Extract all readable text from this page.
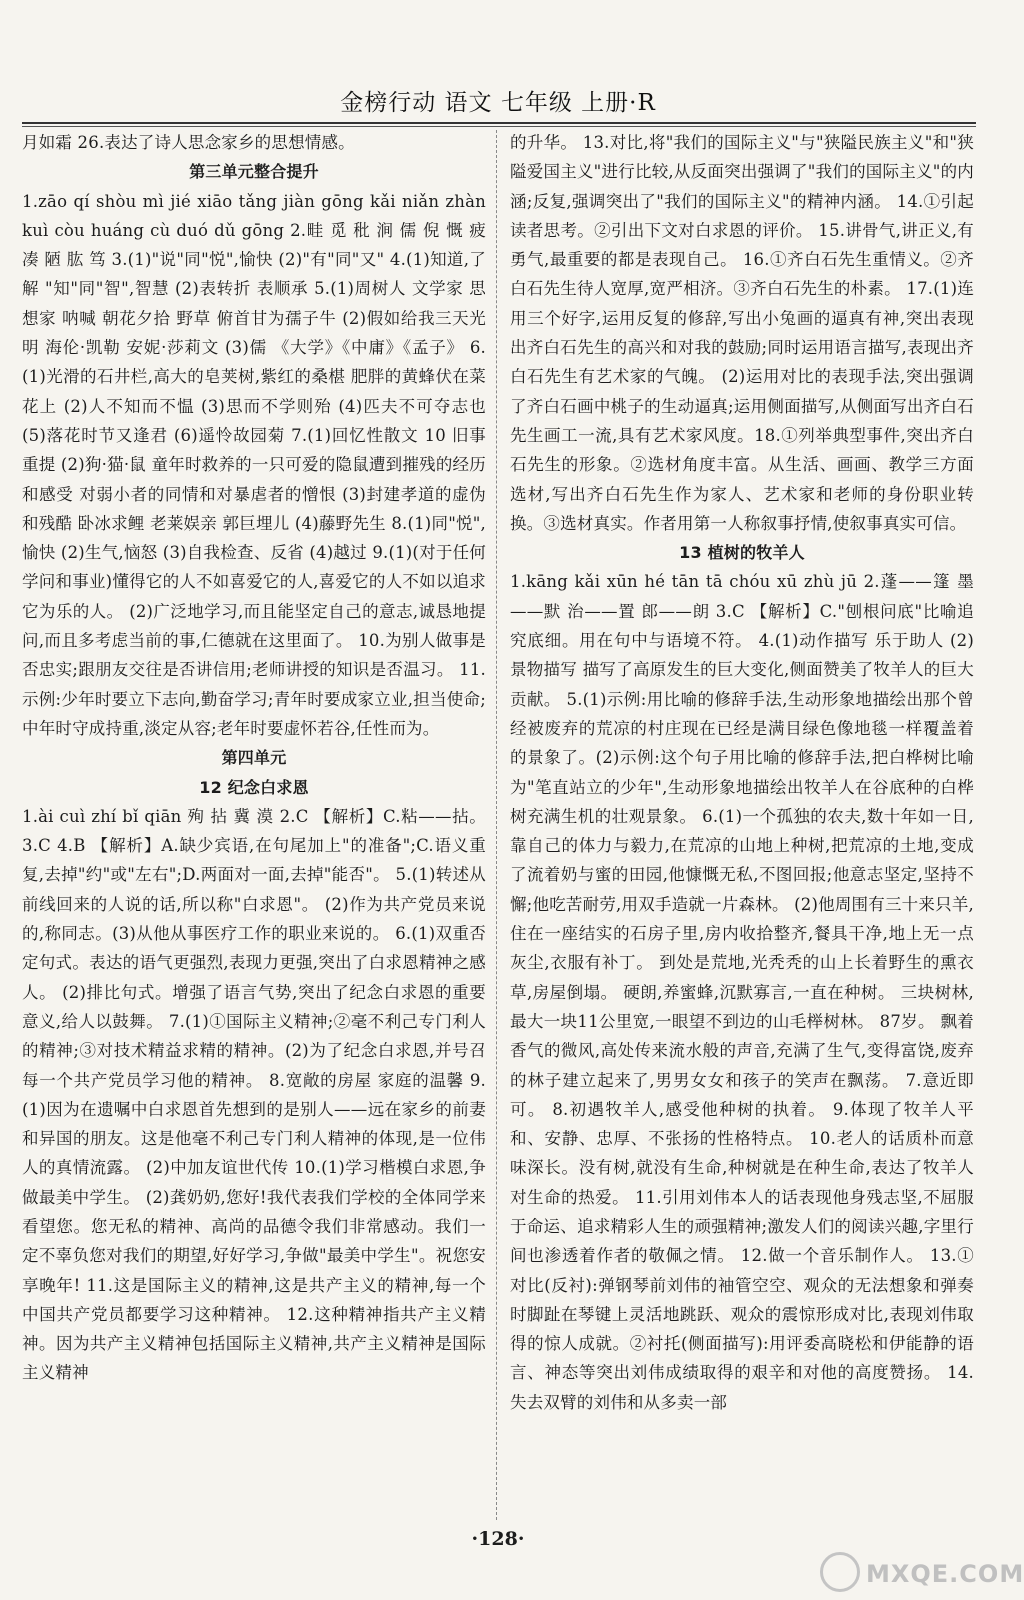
金榜行动 语文 七年级 上册·R
月如霜 26.表达了诗人思念家乡的思想情感。
第三单元整合提升
1.zāo qí shòu mì jié xiāo tǎng jiàn gōng kǎi niǎn zhàn kuì còu huáng cù duó dǔ gōng 2.畦 觅 秕 涧 儒 倪 慨 疲 凑 陋 肱 笃 3.(1)"说"同"悦",愉快 (2)"有"同"又" 4.(1)知道,了解 "知"同"智",智慧 (2)表转折 表顺承 5.(1)周树人 文学家 思想家 呐喊 朝花夕拾 野草 俯首甘为孺子牛 (2)假如给我三天光明 海伦·凯勒 安妮·莎莉文 (3)儒 《大学》《中庸》《孟子》 6.(1)光滑的石井栏,高大的皂荚树,紫红的桑椹 肥胖的黄蜂伏在菜花上 (2)人不知而不愠 (3)思而不学则殆 (4)匹夫不可夺志也 (5)落花时节又逢君 (6)遥怜故园菊 7.(1)回忆性散文 10 旧事重提 (2)狗·猫·鼠 童年时救养的一只可爱的隐鼠遭到摧残的经历和感受 对弱小者的同情和对暴虐者的憎恨 (3)封建孝道的虚伪和残酷 卧冰求鲤 老莱娱亲 郭巨埋儿 (4)藤野先生 8.(1)同"悦",愉快 (2)生气,恼怒 (3)自我检查、反省 (4)越过 9.(1)(对于任何学问和事业)懂得它的人不如喜爱它的人,喜爱它的人不如以追求它为乐的人。 (2)广泛地学习,而且能坚定自己的意志,诚恳地提问,而且多考虑当前的事,仁德就在这里面了。 10.为别人做事是否忠实;跟朋友交往是否讲信用;老师讲授的知识是否温习。 11.示例:少年时要立下志向,勤奋学习;青年时要成家立业,担当使命;中年时守成持重,淡定从容;老年时要虚怀若谷,任性而为。
第四单元
12 纪念白求恩
1.ài cuì zhí bǐ qiān 殉 拈 冀 漠 2.C 【解析】C.粘——拈。 3.C 4.B 【解析】A.缺少宾语,在句尾加上"的准备";C.语义重复,去掉"约"或"左右";D.两面对一面,去掉"能否"。 5.(1)转述从前线回来的人说的话,所以称"白求恩"。 (2)作为共产党员来说的,称同志。(3)从他从事医疗工作的职业来说的。 6.(1)双重否定句式。表达的语气更强烈,表现力更强,突出了白求恩精神之感人。 (2)排比句式。增强了语言气势,突出了纪念白求恩的重要意义,给人以鼓舞。 7.(1)①国际主义精神;②毫不利己专门利人的精神;③对技术精益求精的精神。(2)为了纪念白求恩,并号召每一个共产党员学习他的精神。 8.宽敞的房屋 家庭的温馨 9.(1)因为在遗嘱中白求恩首先想到的是别人——远在家乡的前妻和异国的朋友。这是他毫不利己专门利人精神的体现,是一位伟人的真情流露。 (2)中加友谊世代传 10.(1)学习楷模白求恩,争做最美中学生。 (2)龚奶奶,您好!我代表我们学校的全体同学来看望您。您无私的精神、高尚的品德令我们非常感动。我们一定不辜负您对我们的期望,好好学习,争做"最美中学生"。祝您安享晚年! 11.这是国际主义的精神,这是共产主义的精神,每一个中国共产党员都要学习这种精神。 12.这种精神指共产主义精神。因为共产主义精神包括国际主义精神,共产主义精神是国际主义精神
的升华。 13.对比,将"我们的国际主义"与"狭隘民族主义"和"狭隘爱国主义"进行比较,从反面突出强调了"我们的国际主义"的内涵;反复,强调突出了"我们的国际主义"的精神内涵。 14.①引起读者思考。②引出下文对白求恩的评价。 15.讲骨气,讲正义,有勇气,最重要的都是表现自己。 16.①齐白石先生重情义。②齐白石先生待人宽厚,宽严相济。③齐白石先生的朴素。 17.(1)连用三个好字,运用反复的修辞,写出小兔画的逼真有神,突出表现出齐白石先生的高兴和对我的鼓励;同时运用语言描写,表现出齐白石先生有艺术家的气魄。 (2)运用对比的表现手法,突出强调了齐白石画中桃子的生动逼真;运用侧面描写,从侧面写出齐白石先生画工一流,具有艺术家风度。18.①列举典型事件,突出齐白石先生的形象。②选材角度丰富。从生活、画画、教学三方面选材,写出齐白石先生作为家人、艺术家和老师的身份职业转换。③选材真实。作者用第一人称叙事抒情,使叙事真实可信。
13 植树的牧羊人
1.kāng kǎi xūn hé tān tā chóu xū zhù jū 2.蓬——篷 墨——默 治——置 郎——朗 3.C 【解析】C."刨根问底"比喻追究底细。用在句中与语境不符。 4.(1)动作描写 乐于助人 (2)景物描写 描写了高原发生的巨大变化,侧面赞美了牧羊人的巨大贡献。 5.(1)示例:用比喻的修辞手法,生动形象地描绘出那个曾经被废弃的荒凉的村庄现在已经是满目绿色像地毯一样覆盖着的景象了。(2)示例:这个句子用比喻的修辞手法,把白桦树比喻为"笔直站立的少年",生动形象地描绘出牧羊人在谷底种的白桦树充满生机的壮观景象。 6.(1)一个孤独的农夫,数十年如一日,靠自己的体力与毅力,在荒凉的山地上种树,把荒凉的土地,变成了流着奶与蜜的田园,他慷慨无私,不图回报;他意志坚定,坚持不懈;他吃苦耐劳,用双手造就一片森林。 (2)他周围有三十来只羊,住在一座结实的石房子里,房内收拾整齐,餐具干净,地上无一点灰尘,衣服有补丁。 到处是荒地,光秃秃的山上长着野生的熏衣草,房屋倒塌。 硬朗,养蜜蜂,沉默寡言,一直在种树。 三块树林,最大一块11公里宽,一眼望不到边的山毛榉树林。 87岁。 飘着香气的微风,高处传来流水般的声音,充满了生气,变得富饶,废弃的林子建立起来了,男男女女和孩子的笑声在飘荡。 7.意近即可。 8.初遇牧羊人,感受他种树的执着。 9.体现了牧羊人平和、安静、忠厚、不张扬的性格特点。 10.老人的话质朴而意味深长。没有树,就没有生命,种树就是在种生命,表达了牧羊人对生命的热爱。 11.引用刘伟本人的话表现他身残志坚,不屈服于命运、追求精彩人生的顽强精神;激发人们的阅读兴趣,字里行间也渗透着作者的敬佩之情。 12.做一个音乐制作人。 13.①对比(反衬):弹钢琴前刘伟的袖管空空、观众的无法想象和弹奏时脚趾在琴键上灵活地跳跃、观众的震惊形成对比,表现刘伟取得的惊人成就。②衬托(侧面描写):用评委高晓松和伊能静的语言、神态等突出刘伟成绩取得的艰辛和对他的高度赞扬。 14.失去双臂的刘伟和从多卖一部
·128·
MXQE.COM
